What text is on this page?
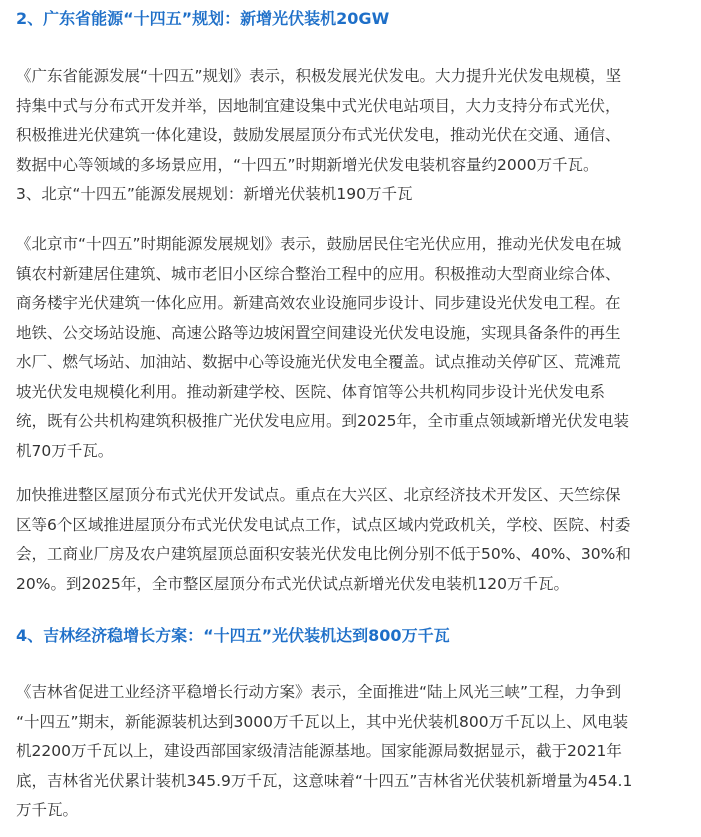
2、广东省能源“十四五”规划：新增光伏装机20GW
《广东省能源发展“十四五”规划》表示，积极发展光伏发电。大力提升光伏发电规模，坚
持集中式与分布式开发并举，因地制宜建设集中式光伏电站项目，大力支持分布式光伏，
积极推进光伏建筑一体化建设，鼓励发展屋顶分布式光伏发电，推动光伏在交通、通信、
数据中心等领域的多场景应用，“十四五”时期新增光伏发电装机容量约2000万千瓦。
3、北京“十四五”能源发展规划：新增光伏装机190万千瓦
《北京市“十四五”时期能源发展规划》表示，鼓励居民住宅光伏应用，推动光伏发电在城
镇农村新建居住建筑、城市老旧小区综合整治工程中的应用。积极推动大型商业综合体、
商务楼宇光伏建筑一体化应用。新建高效农业设施同步设计、同步建设光伏发电工程。在
地铁、公交场站设施、高速公路等边坡闲置空间建设光伏发电设施，实现具备条件的再生
水厂、燃气场站、加油站、数据中心等设施光伏发电全覆盖。试点推动关停矿区、荒滩荒
坡光伏发电规模化利用。推动新建学校、医院、体育馆等公共机构同步设计光伏发电系
统，既有公共机构建筑积极推广光伏发电应用。到2025年，全市重点领域新增光伏发电装
机70万千瓦。
加快推进整区屋顶分布式光伏开发试点。重点在大兴区、北京经济技术开发区、天竺综保
区等6个区域推进屋顶分布式光伏发电试点工作，试点区域内党政机关，学校、医院、村委
会，工商业厂房及农户建筑屋顶总面积安装光伏发电比例分别不低于50%、40%、30%和
20%。到2025年，全市整区屋顶分布式光伏试点新增光伏发电装机120万千瓦。
4、吉林经济稳增长方案：“十四五”光伏装机达到800万千瓦
《吉林省促进工业经济平稳增长行动方案》表示，全面推进“陆上风光三峡”工程，力争到
“十四五”期末，新能源装机达到3000万千瓦以上，其中光伏装机800万千瓦以上、风电装
机2200万千瓦以上，建设西部国家级清洁能源基地。国家能源局数据显示，截于2021年
底，吉林省光伏累计装机345.9万千瓦，这意味着“十四五”吉林省光伏装机新增量为454.1
万千瓦。
